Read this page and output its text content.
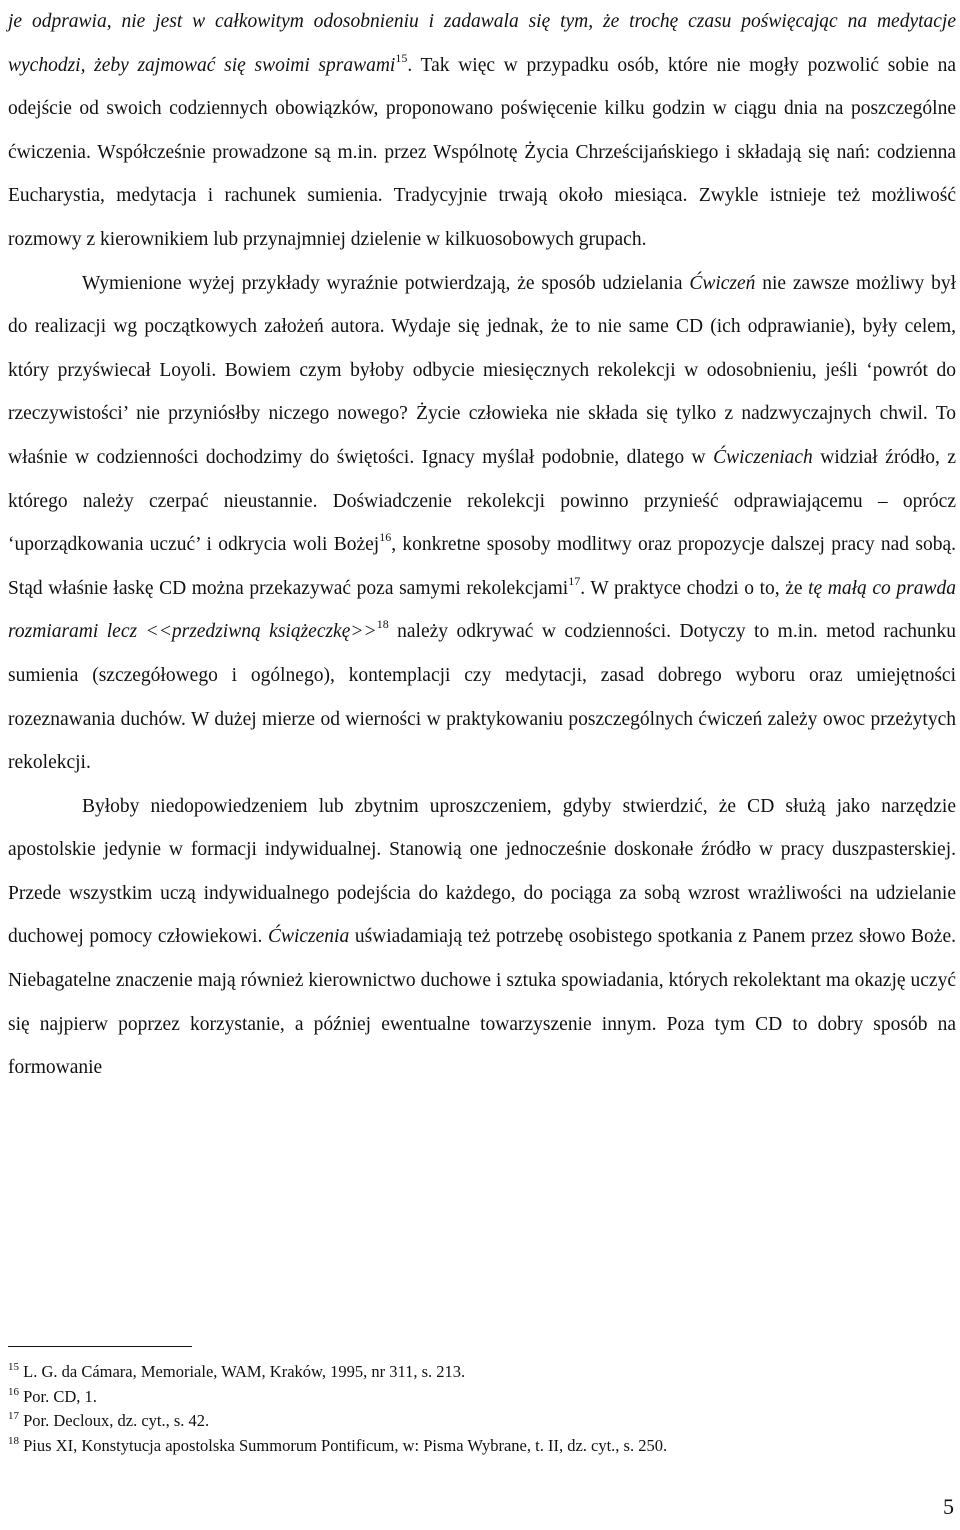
je odprawia, nie jest w całkowitym odosobnieniu i zadawala się tym, że trochę czasu poświęcając na medytacje wychodzi, żeby zajmować się swoimi sprawami$^{15}$. Tak więc w przypadku osób, które nie mogły pozwolić sobie na odejście od swoich codziennych obowiązków, proponowano poświęcenie kilku godzin w ciągu dnia na poszczególne ćwiczenia. Współcześnie prowadzone są m.in. przez Wspólnotę Życia Chrześcijańskiego i składają się nań: codzienna Eucharystia, medytacja i rachunek sumienia. Tradycyjnie trwają około miesiąca. Zwykle istnieje też możliwość rozmowy z kierownikiem lub przynajmniej dzielenie w kilkuosobowych grupach.

Wymienione wyżej przykłady wyraźnie potwierdzają, że sposób udzielania Ćwiczeń nie zawsze możliwy był do realizacji wg początkowych założeń autora. Wydaje się jednak, że to nie same CD (ich odprawianie), były celem, który przyświecał Loyoli. Bowiem czym byłoby odbycie miesięcznych rekolekcji w odosobnieniu, jeśli ‘powrót do rzeczywistości’ nie przyniósłby niczego nowego? Życie człowieka nie składa się tylko z nadzwyczajnych chwil. To właśnie w codzienności dochodzimy do świętości. Ignacy myślał podobnie, dlatego w Ćwiczeniach widział źródło, z którego należy czerpać nieustannie. Doświadczenie rekolekcji powinno przynieść odprawiającemu – oprócz ‘uporządkowania uczuć’ i odkrycia woli Bożej$^{16}$, konkretne sposoby modlitwy oraz propozycje dalszej pracy nad sobą. Stąd właśnie łaskę CD można przekazywać poza samymi rekolekcjami$^{17}$. W praktyce chodzi o to, że tę małą co prawda rozmiarami lecz <<przedziwną książeczkę>>$^{18}$ należy odkrywać w codzienności. Dotyczy to m.in. metod rachunku sumienia (szczegółowego i ogólnego), kontemplacji czy medytacji, zasad dobrego wyboru oraz umiejętności rozeznawania duchów. W dużej mierze od wierności w praktykowaniu poszczególnych ćwiczeń zależy owoc przeżytych rekolekcji.

Byłoby niedopowiedzeniem lub zbytnim uproszczeniem, gdyby stwierdzić, że CD służą jako narzędzie apostolskie jedynie w formacji indywidualnej. Stanowią one jednocześnie doskonałe źródło w pracy duszpasterskiej. Przede wszystkim uczą indywidualnego podejścia do każdego, do pociąga za sobą wzrost wrażliwości na udzielanie duchowej pomocy człowiekowi. Ćwiczenia uświadamiają też potrzebę osobistego spotkania z Panem przez słowo Boże. Niebagatelne znaczenie mają również kierownictwo duchowe i sztuka spowiadania, których rekolektant ma okazję uczyć się najpierw poprzez korzystanie, a później ewentualne towarzyszenie innym. Poza tym CD to dobry sposób na formowanie

$^{15}$ L. G. da Cámara, Memoriale, WAM, Kraków, 1995, nr 311, s. 213.

$^{16}$ Por. CD, 1.

$^{17}$ Por. Decloux, dz. cyt., s. 42.

$^{18}$ Pius XI, Konstytucja apostolska Summorum Pontificum, w: Pisma Wybrane, t. II, dz. cyt., s. 250.

5
